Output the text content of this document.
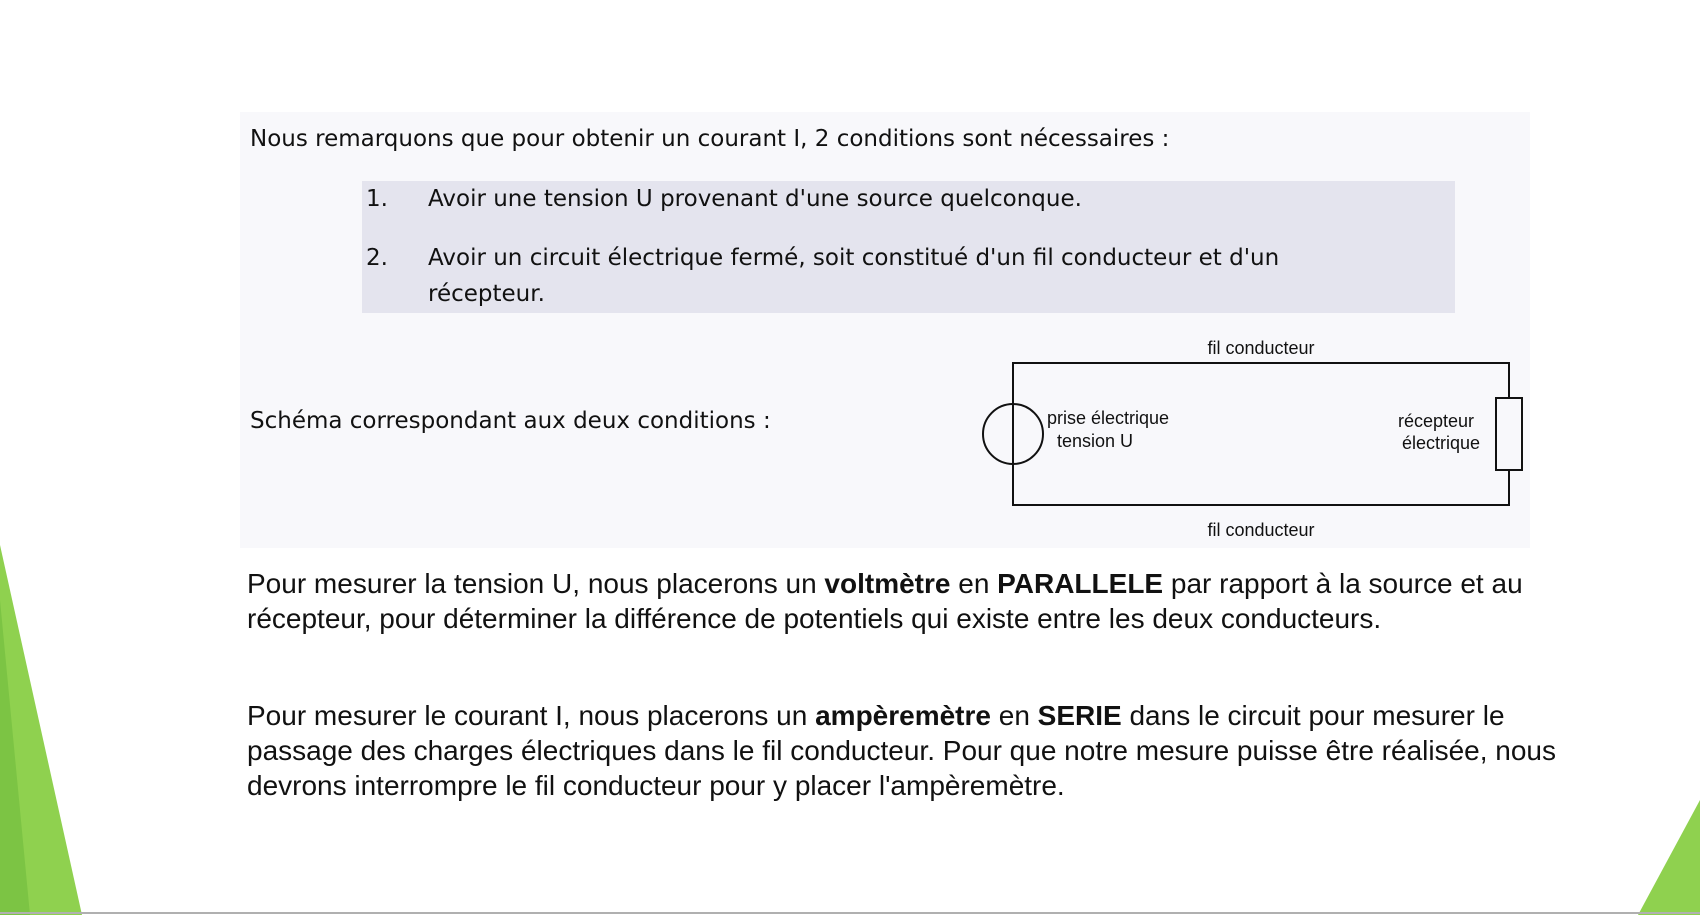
Nous remarquons que pour obtenir un courant I, 2 conditions sont nécessaires :

1. Avoir une tension U provenant d'une source quelconque.
2. Avoir un circuit électrique fermé, soit constitué d'un fil conducteur et d'un récepteur.

Schéma correspondant aux deux conditions :

fil conducteur
fil conducteur
prise électrique
tension U
récepteur
électrique

Pour mesurer la tension U, nous placerons un voltmètre en PARALLELE par rapport à la source et au récepteur, pour déterminer la différence de potentiels qui existe entre les deux conducteurs.

Pour mesurer le courant I, nous placerons un ampèremètre en SERIE dans le circuit pour mesurer le passage des charges électriques dans le fil conducteur. Pour que notre mesure puisse être réalisée, nous devrons interrompre le fil conducteur pour y placer l'ampèremètre.
